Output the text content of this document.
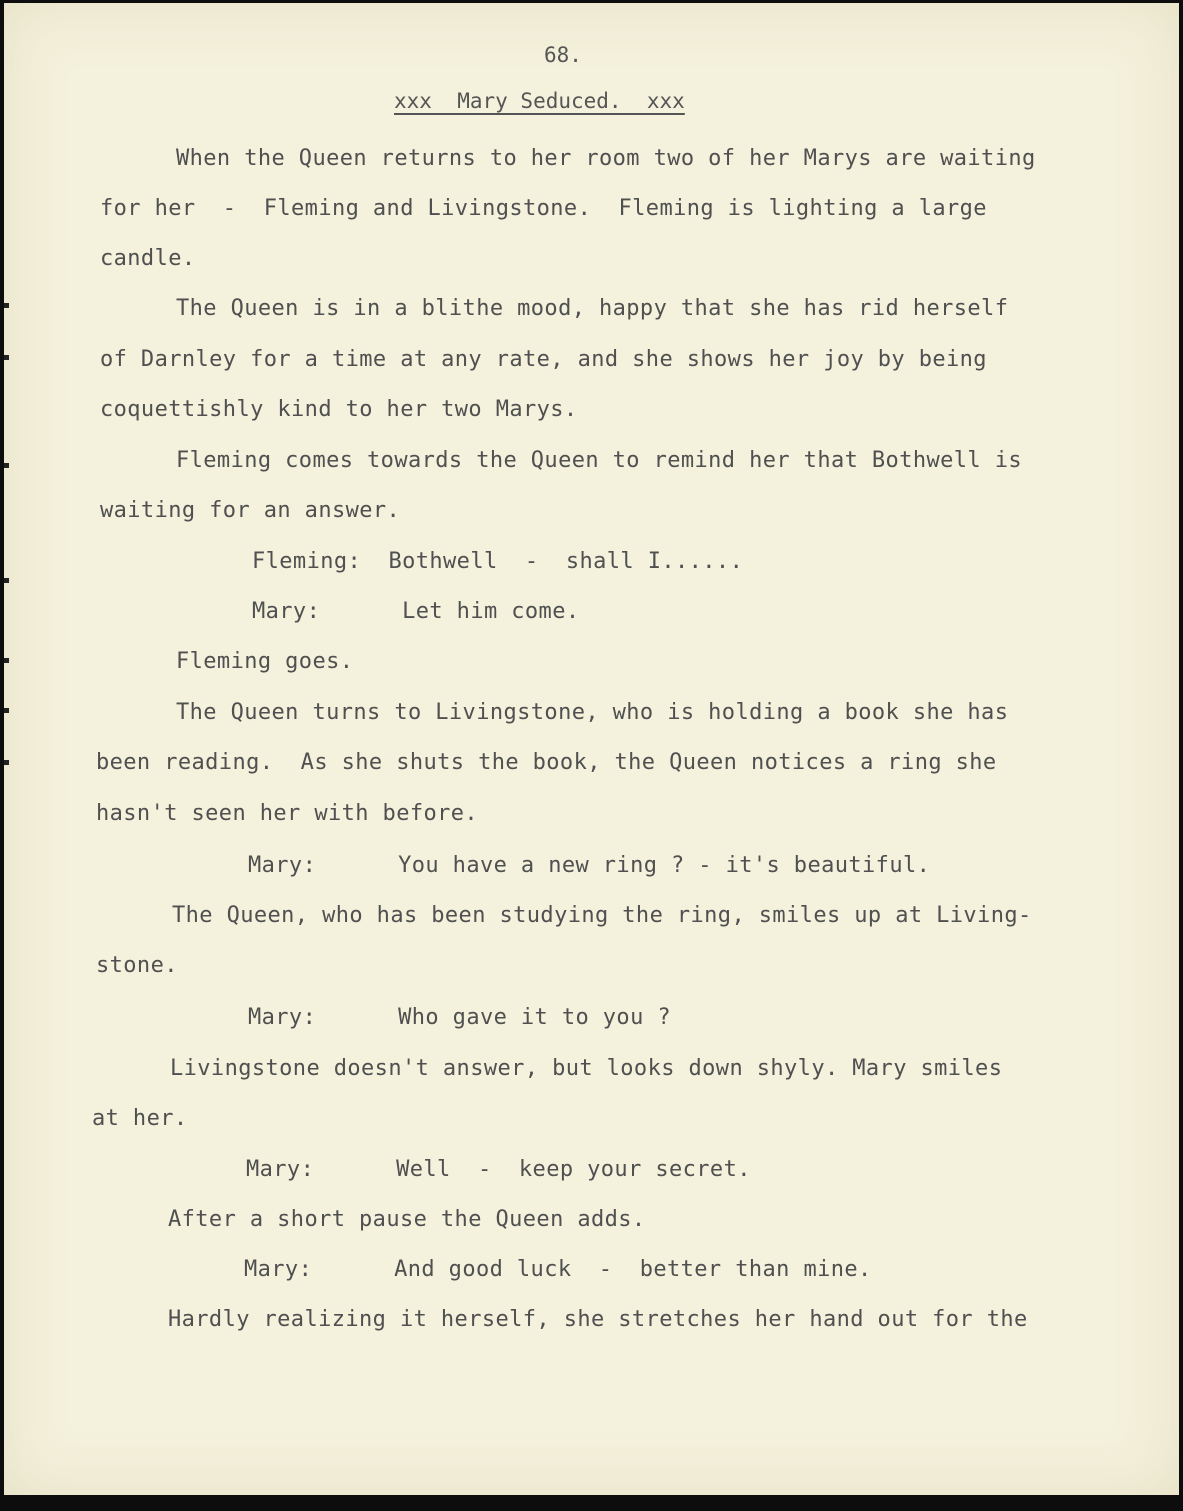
68.
xxx  Mary Seduced.  xxx
When the Queen returns to her room two of her Marys are waiting
for her  -  Fleming and Livingstone.  Fleming is lighting a large
candle.
The Queen is in a blithe mood, happy that she has rid herself
of Darnley for a time at any rate, and she shows her joy by being
coquettishly kind to her two Marys.
Fleming comes towards the Queen to remind her that Bothwell is
waiting for an answer.
Fleming:  Bothwell  -  shall I......
Mary:      Let him come.
Fleming goes.
The Queen turns to Livingstone, who is holding a book she has
been reading.  As she shuts the book, the Queen notices a ring she
hasn't seen her with before.
Mary:      You have a new ring ? - it's beautiful.
The Queen, who has been studying the ring, smiles up at Living-
stone.
Mary:      Who gave it to you ?
Livingstone doesn't answer, but looks down shyly. Mary smiles
at her.
Mary:      Well  -  keep your secret.
After a short pause the Queen adds.
Mary:      And good luck  -  better than mine.
Hardly realizing it herself, she stretches her hand out for the
